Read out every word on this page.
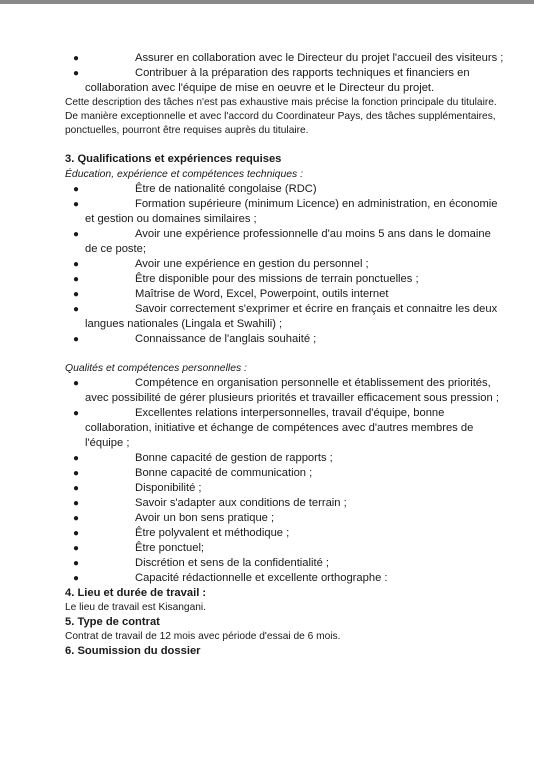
●	Assurer en collaboration avec le Directeur du projet l'accueil des visiteurs ;
●	Contribuer à la préparation des rapports techniques et financiers en collaboration avec l'équipe de mise en oeuvre et le Directeur du projet.

Cette description des tâches n'est pas exhaustive mais précise la fonction principale du titulaire.

De manière exceptionnelle et avec l'accord du Coordinateur Pays, des tâches supplémentaires, ponctuelles, pourront être requises auprès du titulaire.

3. Qualifications et expériences requises
Éducation, expérience et compétences techniques :
●	Être de nationalité congolaise (RDC)
●	Formation supérieure (minimum Licence) en administration, en économie et gestion ou domaines similaires ;
●	Avoir une expérience professionnelle d'au moins 5 ans dans le domaine de ce poste;
●	Avoir une expérience en gestion du personnel ;
●	Être disponible pour des missions de terrain ponctuelles ;
●	Maîtrise de Word, Excel, Powerpoint, outils internet
●	Savoir correctement s'exprimer et écrire en français et connaitre les deux langues nationales (Lingala et Swahili) ;
●	Connaissance de l'anglais souhaité ;
Qualités et compétences personnelles :
●	Compétence en organisation personnelle et établissement des priorités, avec possibilité de gérer plusieurs priorités et travailler efficacement sous pression ;
●	Excellentes relations interpersonnelles, travail d'équipe, bonne collaboration, initiative et échange de compétences avec d'autres membres de l'équipe ;
●	Bonne capacité de gestion de rapports ;
●	Bonne capacité de communication ;
●	Disponibilité ;
●	Savoir s'adapter aux conditions de terrain ;
●	Avoir un bon sens pratique ;
●	Être polyvalent et méthodique ;
●	Être ponctuel;
●	Discrétion et sens de la confidentialité ;
●	Capacité rédactionnelle et excellente orthographe :
4. Lieu et durée de travail :
Le lieu de travail est Kisangani.
5. Type de contrat
Contrat de travail de 12 mois avec période d'essai de 6 mois.
6. Soumission du dossier
